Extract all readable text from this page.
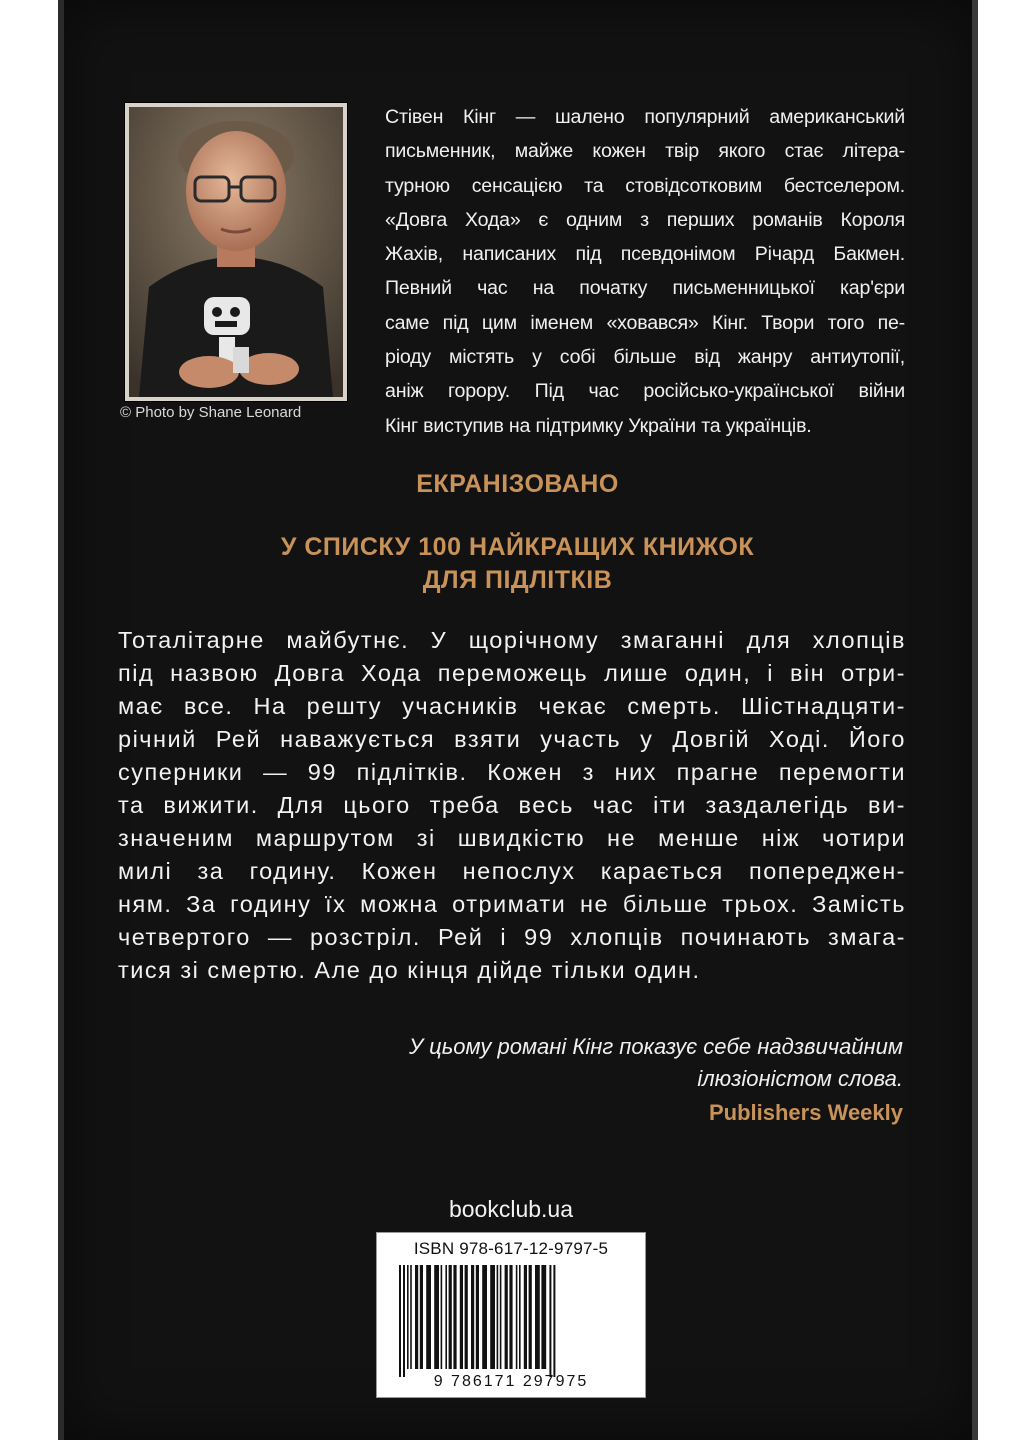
© Photo by Shane Leonard
Стівен Кінг — шалено популярний американський
письменник, майже кожен твір якого стає літера-
турною сенсацією та стовідсотковим бестселером.
«Довга Хода» є одним з перших романів Короля
Жахів, написаних під псевдонімом Річард Бакмен.
Певний час на початку письменницької кар'єри
саме під цим іменем «ховався» Кінг. Твори того пе-
ріоду містять у собі більше від жанру антиутопії,
аніж горору. Під час російсько-української війни
Кінг виступив на підтримку України та українців.
ЕКРАНІЗОВАНО
У СПИСКУ 100 НАЙКРАЩИХ КНИЖОК
ДЛЯ ПІДЛІТКІВ
Тоталітарне майбутнє. У щорічному змаганні для хлопців
під назвою Довга Хода переможець лише один, і він отри-
має все. На решту учасників чекає смерть. Шістнадцяти-
річний Рей наважується взяти участь у Довгій Ході. Його
суперники — 99 підлітків. Кожен з них прагне перемогти
та вижити. Для цього треба весь час іти заздалегідь ви-
значеним маршрутом зі швидкістю не менше ніж чотири
милі за годину. Кожен непослух карається попереджен-
ням. За годину їх можна отримати не більше трьох. Замість
четвертого — розстріл. Рей і 99 хлопців починають змага-
тися зі смертю. Але до кінця дійде тільки один.
У цьому романі Кінг показує себе надзвичайним
ілюзіоністом слова.
Publishers Weekly
bookclub.ua
ISBN 978-617-12-9797-5
9 786171 297975
